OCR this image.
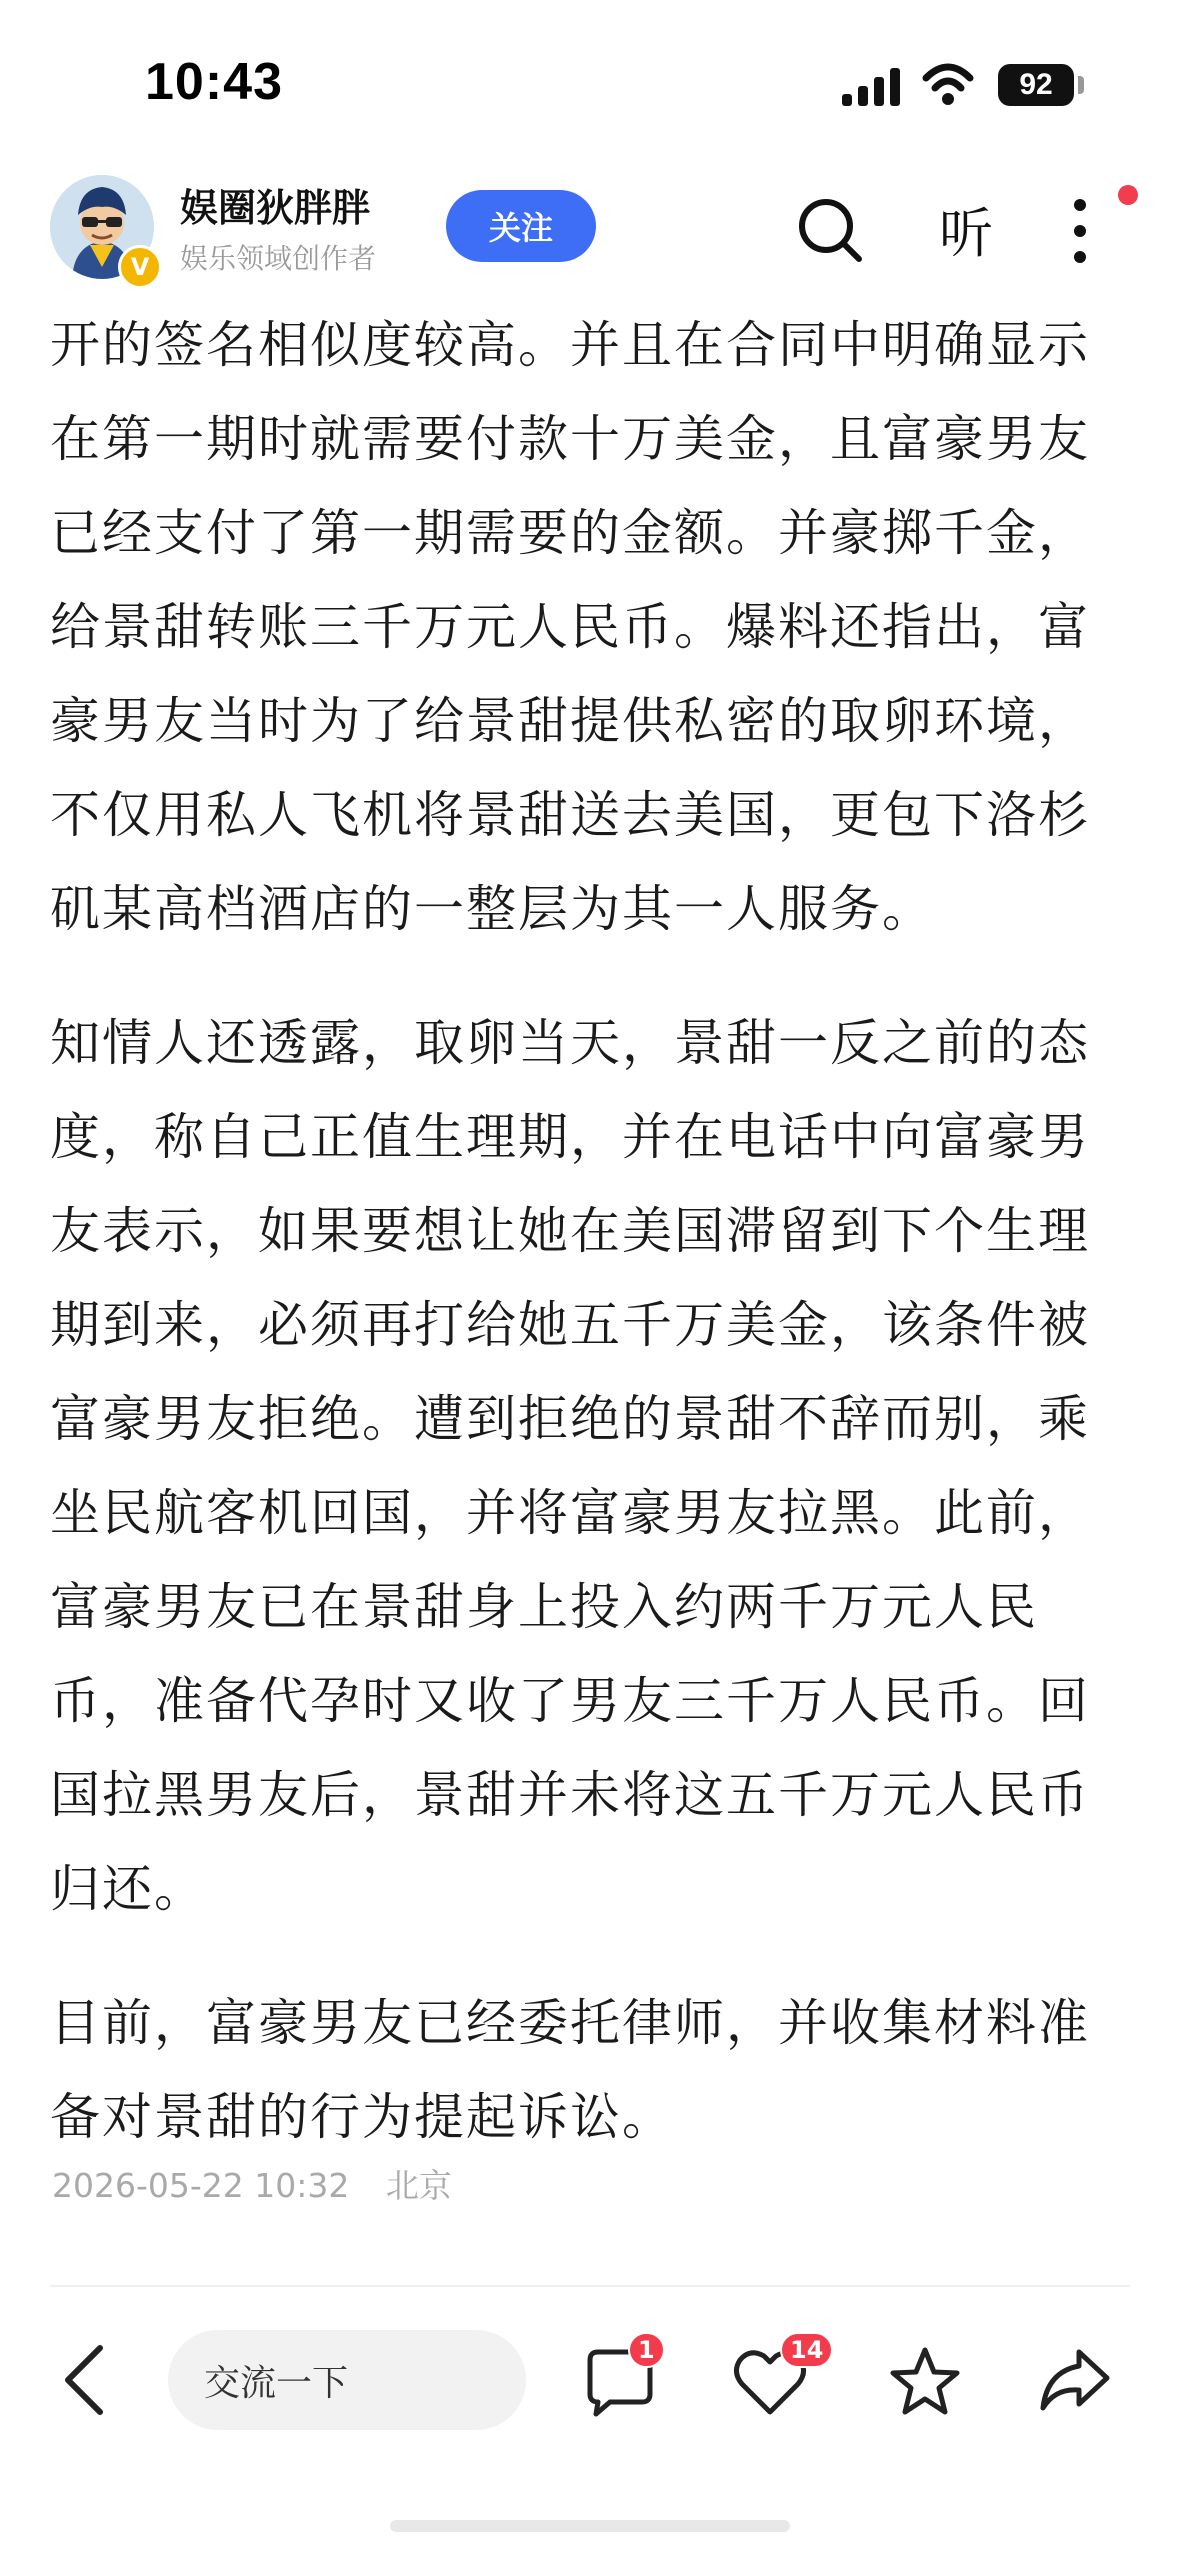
10:43	92
V
娱圈狄胖胖
娱乐领域创作者
关注	听

开的签名相似度较高。并且在合同中明确显示在第一期时就需要付款十万美金，且富豪男友已经支付了第一期需要的金额。并豪掷千金，给景甜转账三千万元人民币。爆料还指出，富豪男友当时为了给景甜提供私密的取卵环境，不仅用私人飞机将景甜送去美国，更包下洛杉矶某高档酒店的一整层为其一人服务。

知情人还透露，取卵当天，景甜一反之前的态度，称自己正值生理期，并在电话中向富豪男友表示，如果要想让她在美国滞留到下个生理期到来，必须再打给她五千万美金，该条件被富豪男友拒绝。遭到拒绝的景甜不辞而别，乘坐民航客机回国，并将富豪男友拉黑。此前，富豪男友已在景甜身上投入约两千万元人民币，准备代孕时又收了男友三千万人民币。回国拉黑男友后，景甜并未将这五千万元人民币归还。

目前，富豪男友已经委托律师，并收集材料准备对景甜的行为提起诉讼。

2026-05-22 10:32 北京
交流一下
1	14
